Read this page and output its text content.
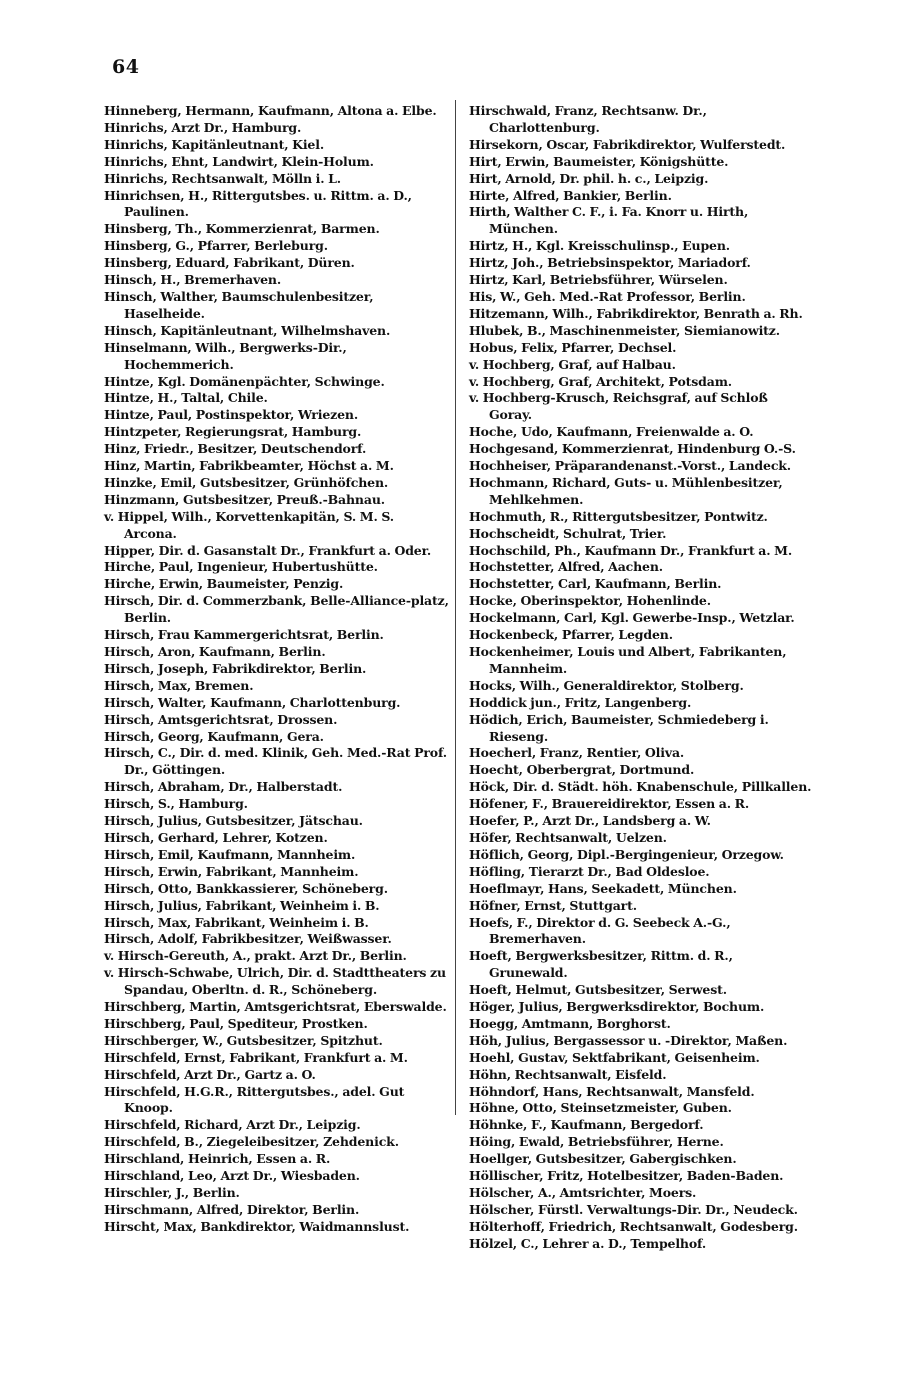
64
Hinneberg, Hermann, Kaufmann, Altona a. Elbe.
Hinrichs, Arzt Dr., Hamburg.
Hinrichs, Kapitänleutnant, Kiel.
Hinrichs, Ehnt, Landwirt, Klein-Holum.
Hinrichs, Rechtsanwalt, Mölln i. L.
Hinrichsen, H., Rittergutsbes. u. Rittm. a. D., Paulinen.
Hinsberg, Th., Kommerzienrat, Barmen.
Hinsberg, G., Pfarrer, Berleburg.
Hinsberg, Eduard, Fabrikant, Düren.
Hinsch, H., Bremerhaven.
Hinsch, Walther, Baumschulenbesitzer, Haselheide.
Hinsch, Kapitänleutnant, Wilhelmshaven.
Hinselmann, Wilh., Bergwerks-Dir., Hochemmerich.
Hintze, Kgl. Domänenpächter, Schwinge.
Hintze, H., Taltal, Chile.
Hintze, Paul, Postinspektor, Wriezen.
Hintzpeter, Regierungsrat, Hamburg.
Hinz, Friedr., Besitzer, Deutschendorf.
Hinz, Martin, Fabrikbeamter, Höchst a. M.
Hinzke, Emil, Gutsbesitzer, Grünhöfchen.
Hinzmann, Gutsbesitzer, Preuß.-Bahnau.
v. Hippel, Wilh., Korvettenkapitän, S. M. S. Arcona.
Hipper, Dir. d. Gasanstalt Dr., Frankfurt a. Oder.
Hirche, Paul, Ingenieur, Hubertushütte.
Hirche, Erwin, Baumeister, Penzig.
Hirsch, Dir. d. Commerzbank, Belle-Alliance-platz, Berlin.
Hirsch, Frau Kammergerichtsrat, Berlin.
Hirsch, Aron, Kaufmann, Berlin.
Hirsch, Joseph, Fabrikdirektor, Berlin.
Hirsch, Max, Bremen.
Hirsch, Walter, Kaufmann, Charlottenburg.
Hirsch, Amtsgerichtsrat, Drossen.
Hirsch, Georg, Kaufmann, Gera.
Hirsch, C., Dir. d. med. Klinik, Geh. Med.-Rat Prof. Dr., Göttingen.
Hirsch, Abraham, Dr., Halberstadt.
Hirsch, S., Hamburg.
Hirsch, Julius, Gutsbesitzer, Jätschau.
Hirsch, Gerhard, Lehrer, Kotzen.
Hirsch, Emil, Kaufmann, Mannheim.
Hirsch, Erwin, Fabrikant, Mannheim.
Hirsch, Otto, Bankkassierer, Schöneberg.
Hirsch, Julius, Fabrikant, Weinheim i. B.
Hirsch, Max, Fabrikant, Weinheim i. B.
Hirsch, Adolf, Fabrikbesitzer, Weißwasser.
v. Hirsch-Gereuth, A., prakt. Arzt Dr., Berlin.
v. Hirsch-Schwabe, Ulrich, Dir. d. Stadttheaters zu Spandau, Oberltn. d. R., Schöneberg.
Hirschberg, Martin, Amtsgerichtsrat, Eberswalde.
Hirschberg, Paul, Spediteur, Prostken.
Hirschberger, W., Gutsbesitzer, Spitzhut.
Hirschfeld, Ernst, Fabrikant, Frankfurt a. M.
Hirschfeld, Arzt Dr., Gartz a. O.
Hirschfeld, H.G.R., Rittergutsbes., adel. Gut Knoop.
Hirschfeld, Richard, Arzt Dr., Leipzig.
Hirschfeld, B., Ziegeleibesitzer, Zehdenick.
Hirschland, Heinrich, Essen a. R.
Hirschland, Leo, Arzt Dr., Wiesbaden.
Hirschler, J., Berlin.
Hirschmann, Alfred, Direktor, Berlin.
Hirscht, Max, Bankdirektor, Waidmannslust.
Hirschwald, Franz, Rechtsanw. Dr., Charlottenburg.
Hirsekorn, Oscar, Fabrikdirektor, Wulferstedt.
Hirt, Erwin, Baumeister, Königshütte.
Hirt, Arnold, Dr. phil. h. c., Leipzig.
Hirte, Alfred, Bankier, Berlin.
Hirth, Walther C. F., i. Fa. Knorr u. Hirth, München.
Hirtz, H., Kgl. Kreisschulinsp., Eupen.
Hirtz, Joh., Betriebsinspektor, Mariadorf.
Hirtz, Karl, Betriebsführer, Würselen.
His, W., Geh. Med.-Rat Professor, Berlin.
Hitzemann, Wilh., Fabrikdirektor, Benrath a. Rh.
Hlubek, B., Maschinenmeister, Siemianowitz.
Hobus, Felix, Pfarrer, Dechsel.
v. Hochberg, Graf, auf Halbau.
v. Hochberg, Graf, Architekt, Potsdam.
v. Hochberg-Krusch, Reichsgraf, auf Schloß Goray.
Hoche, Udo, Kaufmann, Freienwalde a. O.
Hochgesand, Kommerzienrat, Hindenburg O.-S.
Hochheiser, Präparandenanst.-Vorst., Landeck.
Hochmann, Richard, Guts- u. Mühlenbesitzer, Mehlkehmen.
Hochmuth, R., Rittergutsbesitzer, Pontwitz.
Hochscheidt, Schulrat, Trier.
Hochschild, Ph., Kaufmann Dr., Frankfurt a. M.
Hochstetter, Alfred, Aachen.
Hochstetter, Carl, Kaufmann, Berlin.
Hocke, Oberinspektor, Hohenlinde.
Hockelmann, Carl, Kgl. Gewerbe-Insp., Wetzlar.
Hockenbeck, Pfarrer, Legden.
Hockenheimer, Louis und Albert, Fabrikanten, Mannheim.
Hocks, Wilh., Generaldirektor, Stolberg.
Hoddick jun., Fritz, Langenberg.
Hödich, Erich, Baumeister, Schmiedeberg i. Rieseng.
Hoecherl, Franz, Rentier, Oliva.
Hoecht, Oberbergrat, Dortmund.
Höck, Dir. d. Städt. höh. Knabenschule, Pillkallen.
Höfener, F., Brauereidirektor, Essen a. R.
Hoefer, P., Arzt Dr., Landsberg a. W.
Höfer, Rechtsanwalt, Uelzen.
Höflich, Georg, Dipl.-Bergingenieur, Orzegow.
Höfling, Tierarzt Dr., Bad Oldesloe.
Hoeflmayr, Hans, Seekadett, München.
Höfner, Ernst, Stuttgart.
Hoefs, F., Direktor d. G. Seebeck A.-G., Bremerhaven.
Hoeft, Bergwerksbesitzer, Rittm. d. R., Grunewald.
Hoeft, Helmut, Gutsbesitzer, Serwest.
Höger, Julius, Bergwerksdirektor, Bochum.
Hoegg, Amtmann, Borghorst.
Höh, Julius, Bergassessor u. -Direktor, Maßen.
Hoehl, Gustav, Sektfabrikant, Geisenheim.
Höhn, Rechtsanwalt, Eisfeld.
Höhndorf, Hans, Rechtsanwalt, Mansfeld.
Höhne, Otto, Steinsetzmeister, Guben.
Höhnke, F., Kaufmann, Bergedorf.
Höing, Ewald, Betriebsführer, Herne.
Hoellger, Gutsbesitzer, Gabergischken.
Höllischer, Fritz, Hotelbesitzer, Baden-Baden.
Hölscher, A., Amtsrichter, Moers.
Hölscher, Fürstl. Verwaltungs-Dir. Dr., Neudeck.
Hölterhoff, Friedrich, Rechtsanwalt, Godesberg.
Hölzel, C., Lehrer a. D., Tempelhof.
